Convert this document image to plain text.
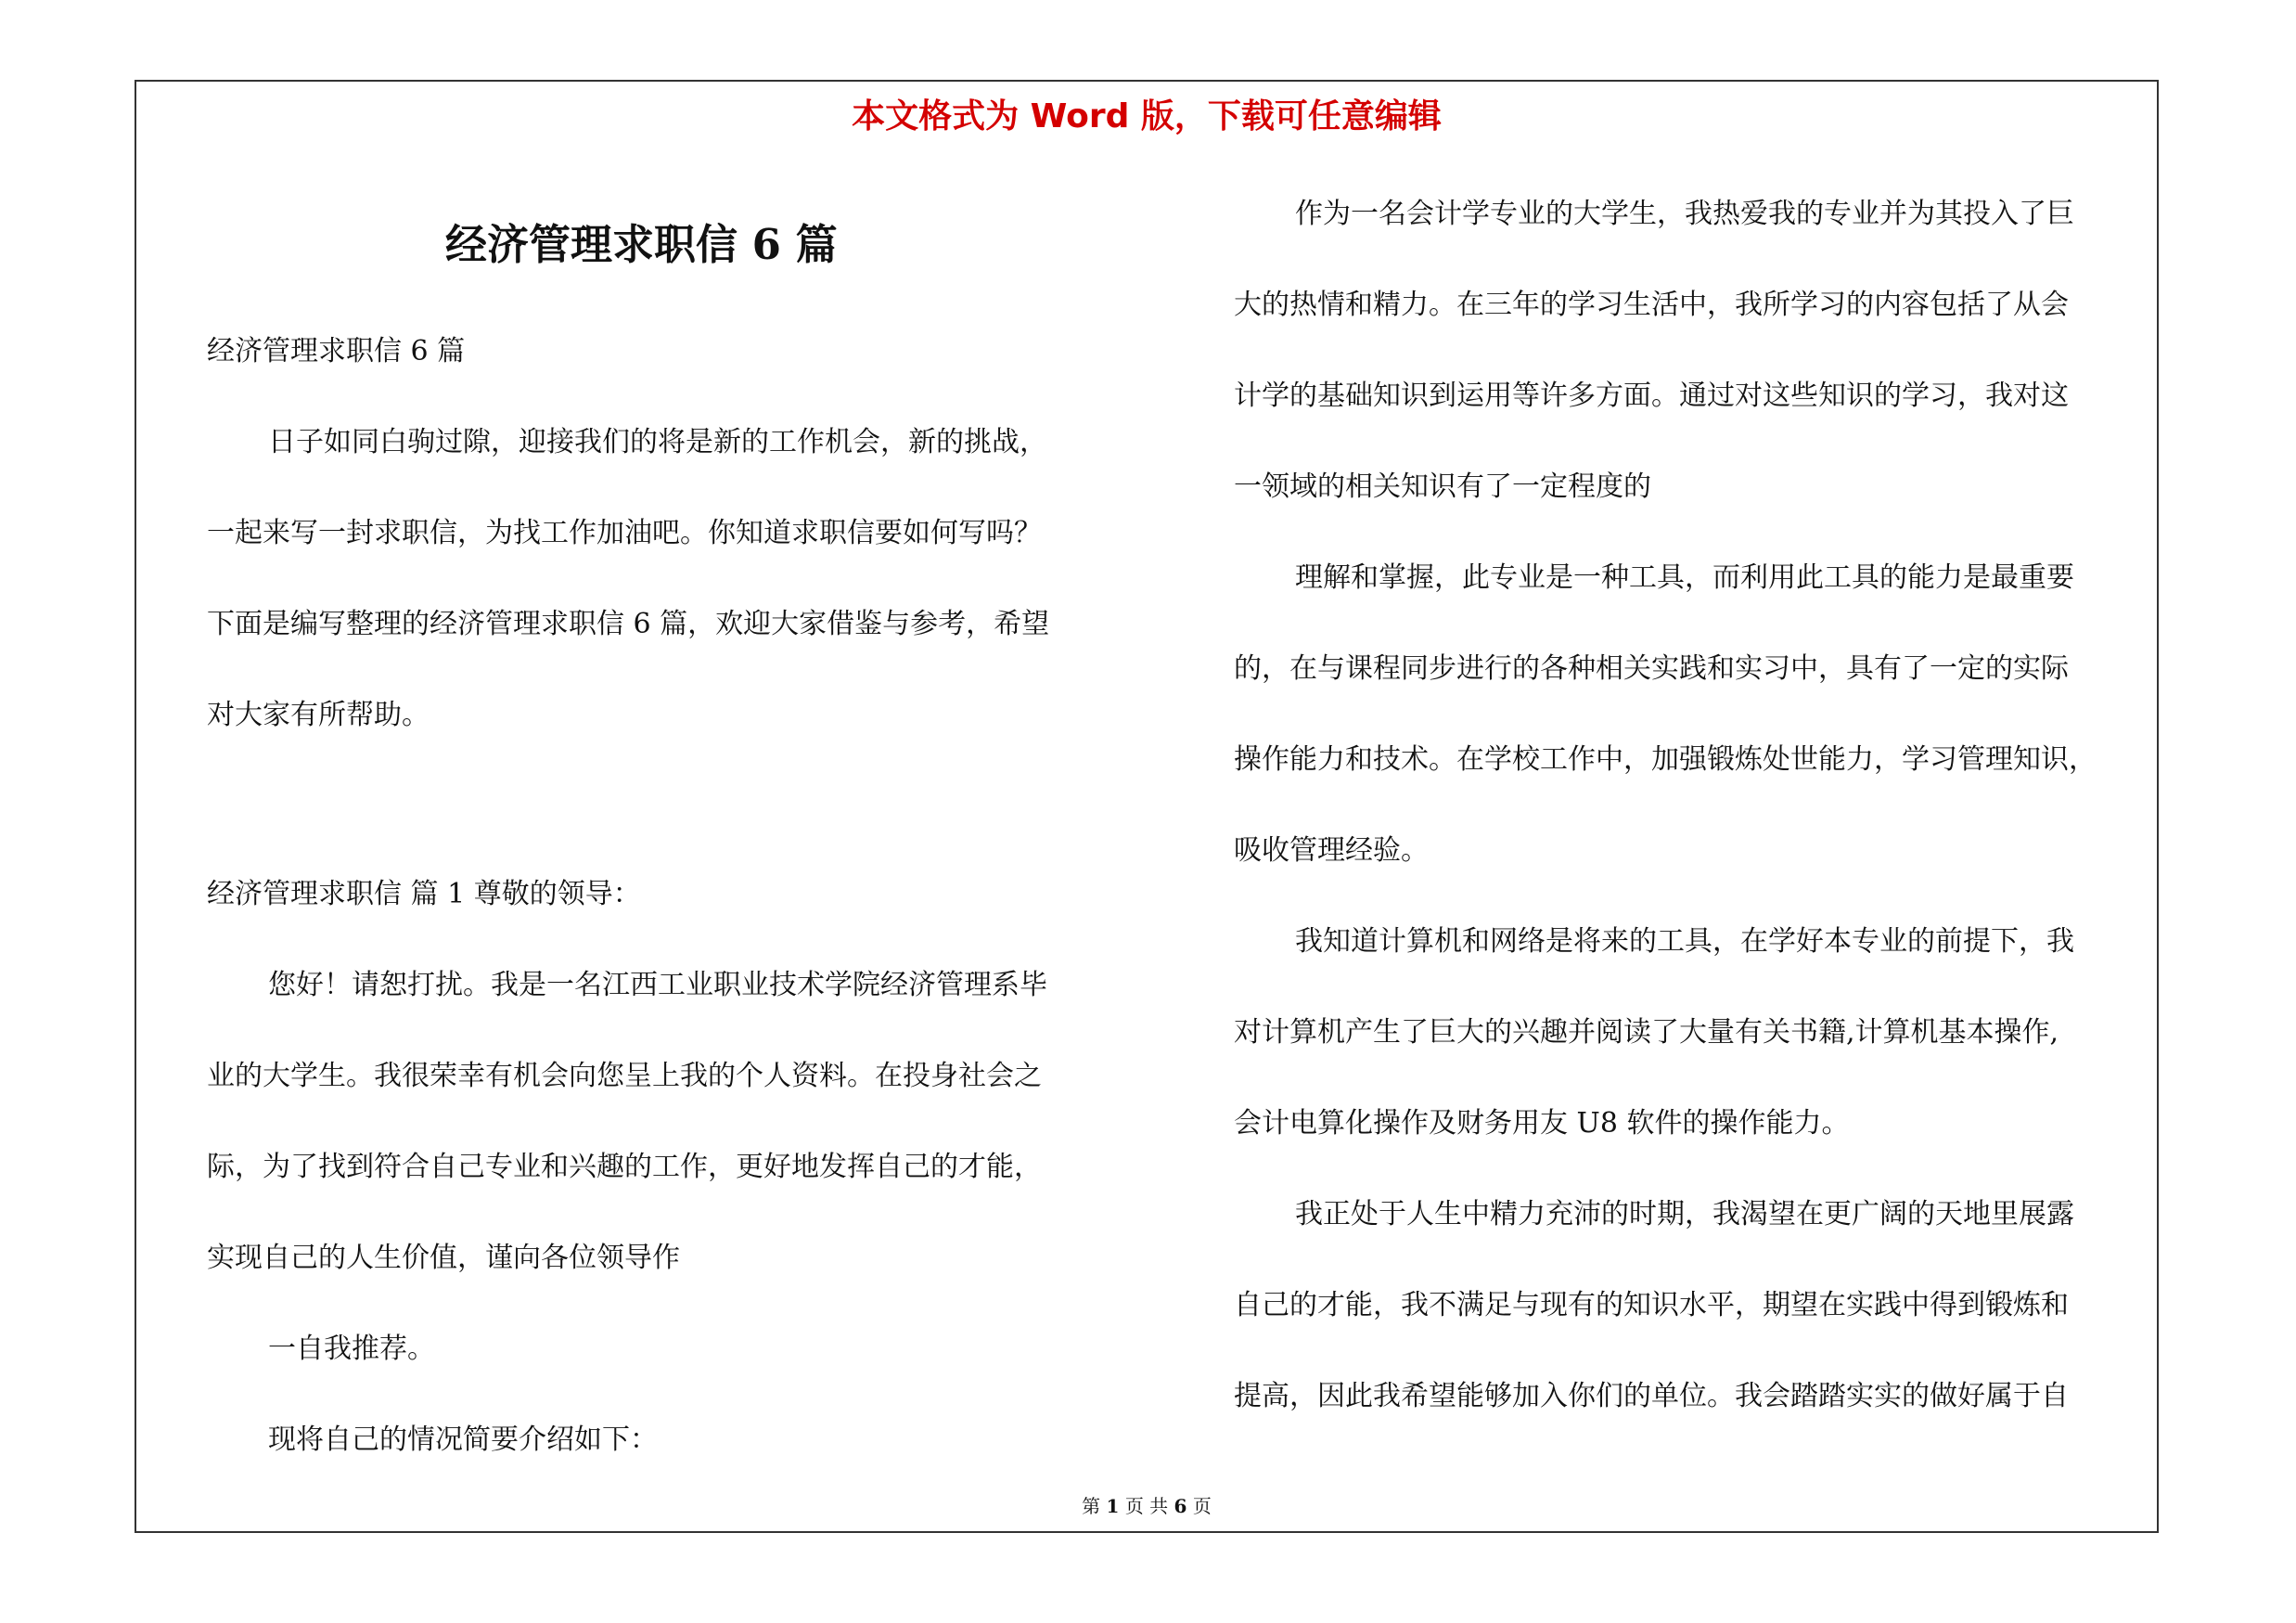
本文格式为 Word 版，下载可任意编辑
经济管理求职信 6 篇
经济管理求职信 6 篇
日子如同白驹过隙，迎接我们的将是新的工作机会，新的挑战，
一起来写一封求职信，为找工作加油吧。你知道求职信要如何写吗？
下面是编写整理的经济管理求职信 6 篇，欢迎大家借鉴与参考，希望
对大家有所帮助。
经济管理求职信 篇 1 尊敬的领导：
您好！请恕打扰。我是一名江西工业职业技术学院经济管理系毕
业的大学生。我很荣幸有机会向您呈上我的个人资料。在投身社会之
际，为了找到符合自己专业和兴趣的工作，更好地发挥自己的才能，
实现自己的人生价值，谨向各位领导作
一自我推荐。
现将自己的情况简要介绍如下：
作为一名会计学专业的大学生，我热爱我的专业并为其投入了巨
大的热情和精力。在三年的学习生活中，我所学习的内容包括了从会
计学的基础知识到运用等许多方面。通过对这些知识的学习，我对这
一领域的相关知识有了一定程度的
理解和掌握，此专业是一种工具，而利用此工具的能力是最重要
的，在与课程同步进行的各种相关实践和实习中，具有了一定的实际
操作能力和技术。在学校工作中，加强锻炼处世能力，学习管理知识，
吸收管理经验。
我知道计算机和网络是将来的工具，在学好本专业的前提下，我
对计算机产生了巨大的兴趣并阅读了大量有关书籍,计算机基本操作,
会计电算化操作及财务用友 U8 软件的操作能力。
我正处于人生中精力充沛的时期，我渴望在更广阔的天地里展露
自己的才能，我不满足与现有的知识水平，期望在实践中得到锻炼和
提高，因此我希望能够加入你们的单位。我会踏踏实实的做好属于自
第 1 页 共 6 页
